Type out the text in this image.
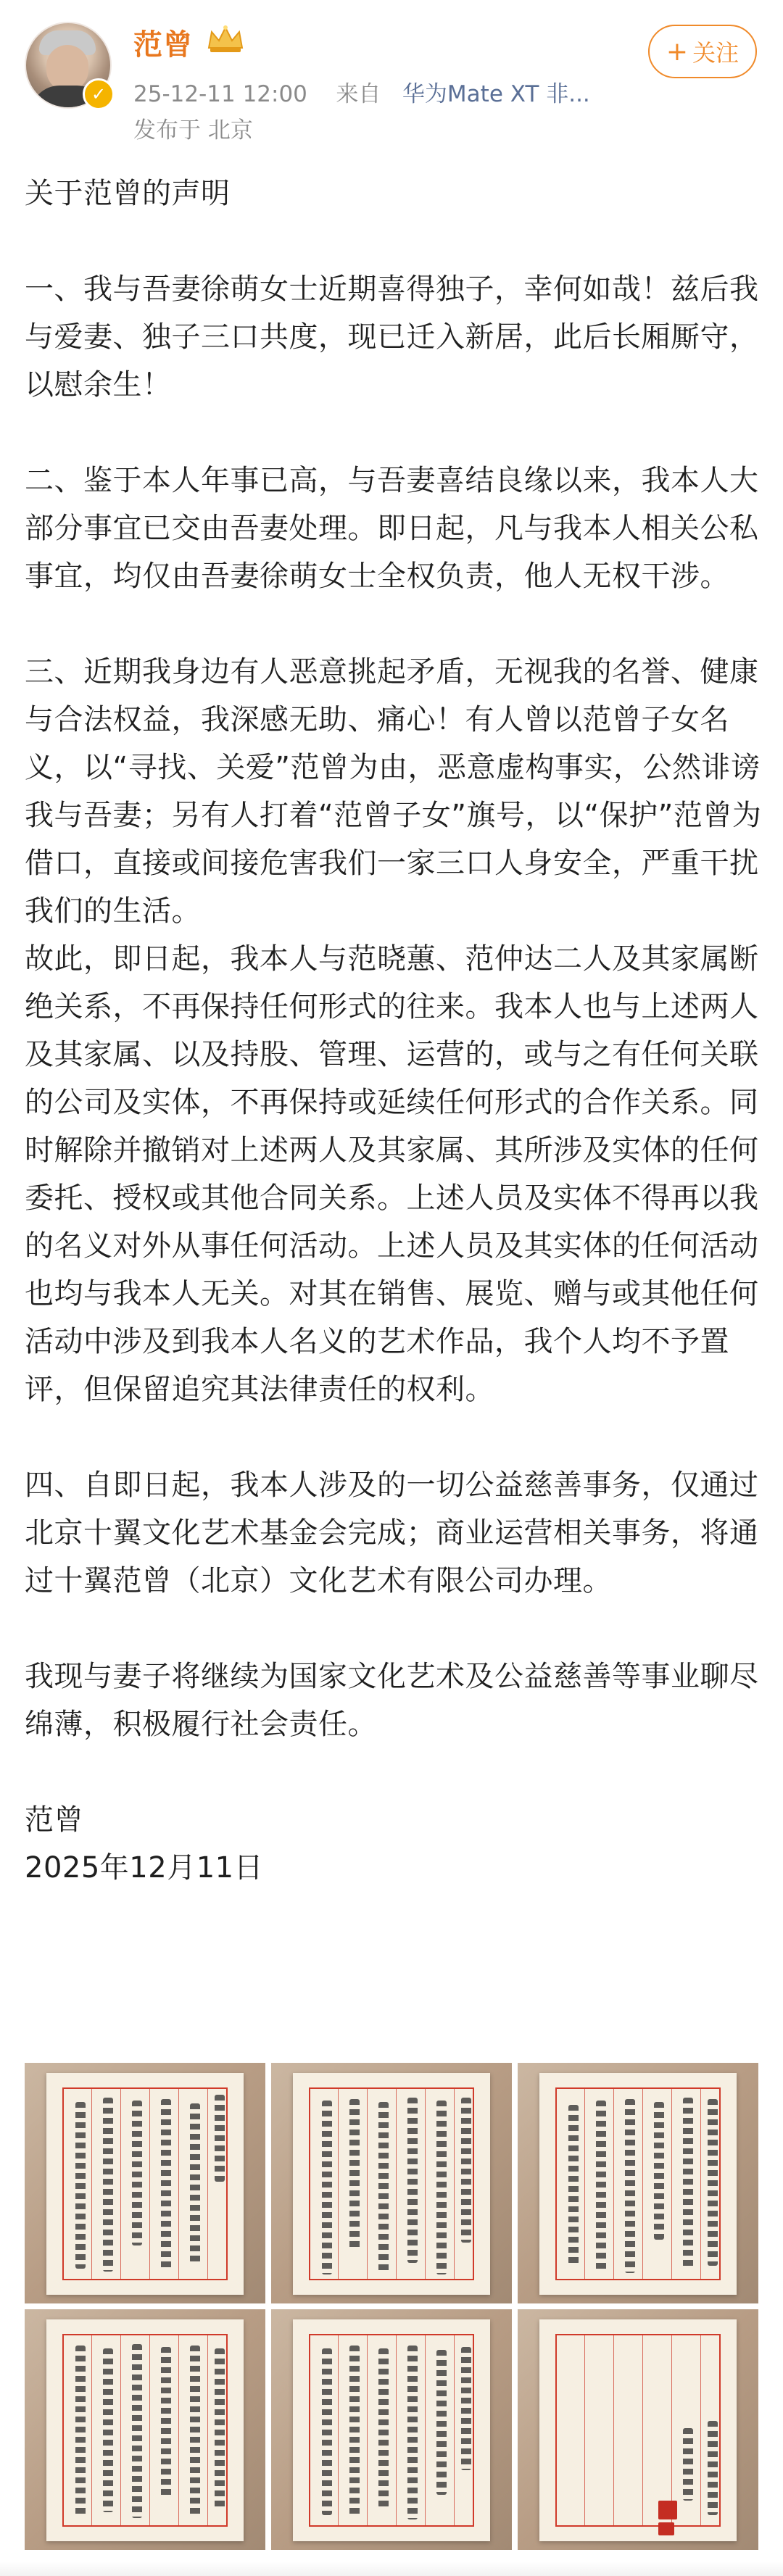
✓
范曾
25-12-11 12:00 来自 华为Mate XT 非...
发布于 北京
+ 关注

关于范曾的声明

一、我与吾妻徐萌女士近期喜得独子，幸何如哉！兹后我与爱妻、独子三口共度，现已迁入新居，此后长厢厮守，以慰余生！

二、鉴于本人年事已高，与吾妻喜结良缘以来，我本人大部分事宜已交由吾妻处理。即日起，凡与我本人相关公私事宜，均仅由吾妻徐萌女士全权负责，他人无权干涉。

三、近期我身边有人恶意挑起矛盾，无视我的名誉、健康与合法权益，我深感无助、痛心！有人曾以范曾子女名义，以“寻找、关爱”范曾为由，恶意虚构事实，公然诽谤我与吾妻；另有人打着“范曾子女”旗号，以“保护”范曾为借口，直接或间接危害我们一家三口人身安全，严重干扰我们的生活。

故此，即日起，我本人与范晓蕙、范仲达二人及其家属断绝关系，不再保持任何形式的往来。我本人也与上述两人及其家属、以及持股、管理、运营的，或与之有任何关联的公司及实体，不再保持或延续任何形式的合作关系。同时解除并撤销对上述两人及其家属、其所涉及实体的任何委托、授权或其他合同关系。上述人员及实体不得再以我的名义对外从事任何活动。上述人员及其实体的任何活动也均与我本人无关。对其在销售、展览、赠与或其他任何活动中涉及到我本人名义的艺术作品，我个人均不予置评，但保留追究其法律责任的权利。

四、自即日起，我本人涉及的一切公益慈善事务，仅通过北京十翼文化艺术基金会完成；商业运营相关事务，将通过十翼范曾（北京）文化艺术有限公司办理。

我现与妻子将继续为国家文化艺术及公益慈善等事业聊尽绵薄，积极履行社会责任。

范曾

2025年12月11日
